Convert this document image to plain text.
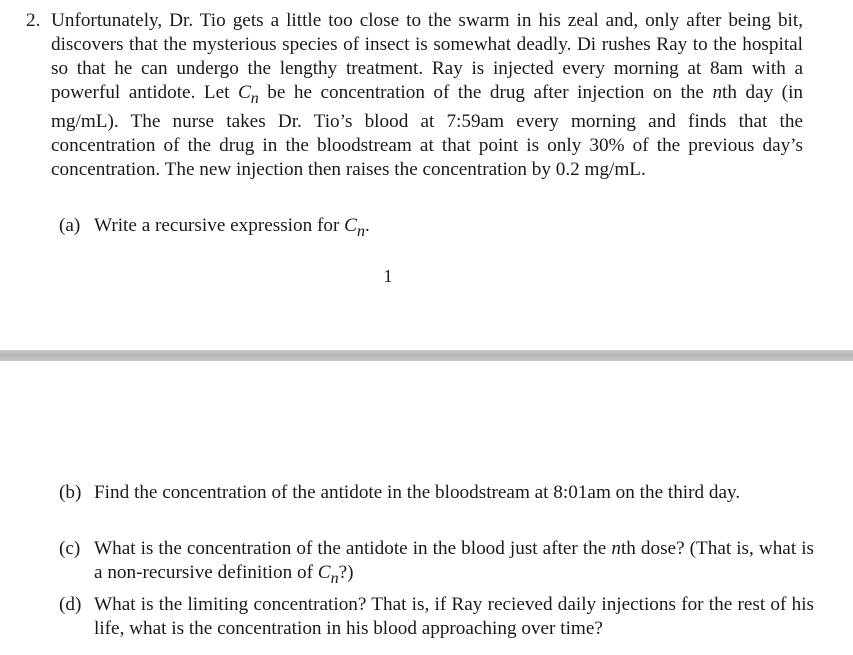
2. Unfortunately, Dr. Tio gets a little too close to the swarm in his zeal and, only after being bit, discovers that the mysterious species of insect is somewhat deadly. Di rushes Ray to the hospital so that he can undergo the lengthy treatment. Ray is injected every morning at 8am with a powerful antidote. Let $C_n$ be he concentration of the drug after injection on the nth day (in mg/mL). The nurse takes Dr. Tio’s blood at 7:59am every morning and finds that the concentration of the drug in the bloodstream at that point is only 30% of the previous day’s concentration. The new injection then raises the concentration by 0.2 mg/mL.
(a) Write a recursive expression for $C_n$.
1
(b) Find the concentration of the antidote in the bloodstream at 8:01am on the third day.
(c) What is the concentration of the antidote in the blood just after the nth dose? (That is, what is a non-recursive definition of $C_n$?)
(d) What is the limiting concentration? That is, if Ray recieved daily injections for the rest of his life, what is the concentration in his blood approaching over time?
